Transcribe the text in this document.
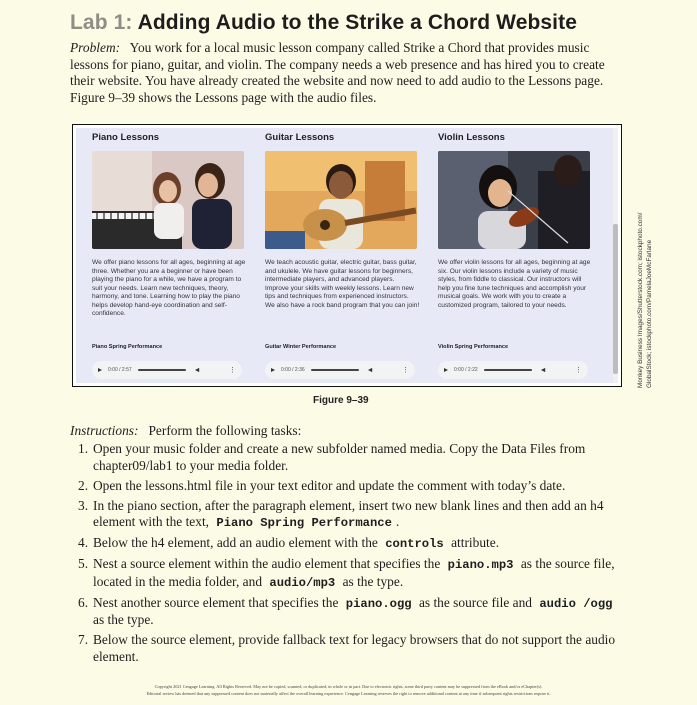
Lab 1: Adding Audio to the Strike a Chord Website
Problem: You work for a local music lesson company called Strike a Chord that provides music lessons for piano, guitar, and violin. The company needs a web presence and has hired you to create their website. You have already created the website and now need to add audio to the Lessons page. Figure 9–39 shows the Lessons page with the audio files.
Piano Lessons

We offer piano lessons for all ages, beginning at age three. Whether you are a beginner or have been playing the piano for a while, we have a program to suit your needs. Learn new techniques, theory, harmony, and tone. Learning how to play the piano helps develop hand-eye coordination and self-confidence.

Piano Spring Performance
0:00 / 2:57	◄	⋮
Guitar Lessons

We teach acoustic guitar, electric guitar, bass guitar, and ukulele. We have guitar lessons for beginners, intermediate players, and advanced players. Improve your skills with weekly lessons. Learn new tips and techniques from experienced instructors. We also have a rock band program that you can join!

Guitar Winter Performance
0:00 / 2:36	◄	⋮
Violin Lessons

We offer violin lessons for all ages, beginning at age six. Our violin lessons include a variety of music styles, from fiddle to classical. Our instructors will help you fine tune techniques and accomplish your musical goals. We work with you to create a customized program, tailored to your needs.

Violin Spring Performance
0:00 / 2:22	◄	⋮	Monkey Business Images/Shutterstock.com; istockphoto.com/ GlobalStock; istockphoto.com/PamelaJoeMcFarlane
Figure 9–39
Instructions: Perform the following tasks:
1. Open your music folder and create a new subfolder named media. Copy the Data Files from chapter09/lab1 to your media folder.
2. Open the lessons.html file in your text editor and update the comment with today’s date.
3. In the piano section, after the paragraph element, insert two new blank lines and then add an h4 element with the text, Piano Spring Performance .
4. Below the h4 element, add an audio element with the controls attribute.
5. Nest a source element within the audio element that specifies the piano.mp3 as the source file, located in the media folder, and audio/mp3 as the type.
6. Nest another source element that specifies the piano.ogg as the source file and audio /ogg as the type.
7. Below the source element, provide fallback text for legacy browsers that do not support the audio element.
Copyright 2021 Cengage Learning. All Rights Reserved. May not be copied, scanned, or duplicated, in whole or in part. Due to electronic rights, some third party content may be suppressed from the eBook and/or eChapter(s).
Editorial review has deemed that any suppressed content does not materially affect the overall learning experience. Cengage Learning reserves the right to remove additional content at any time if subsequent rights restrictions require it.
